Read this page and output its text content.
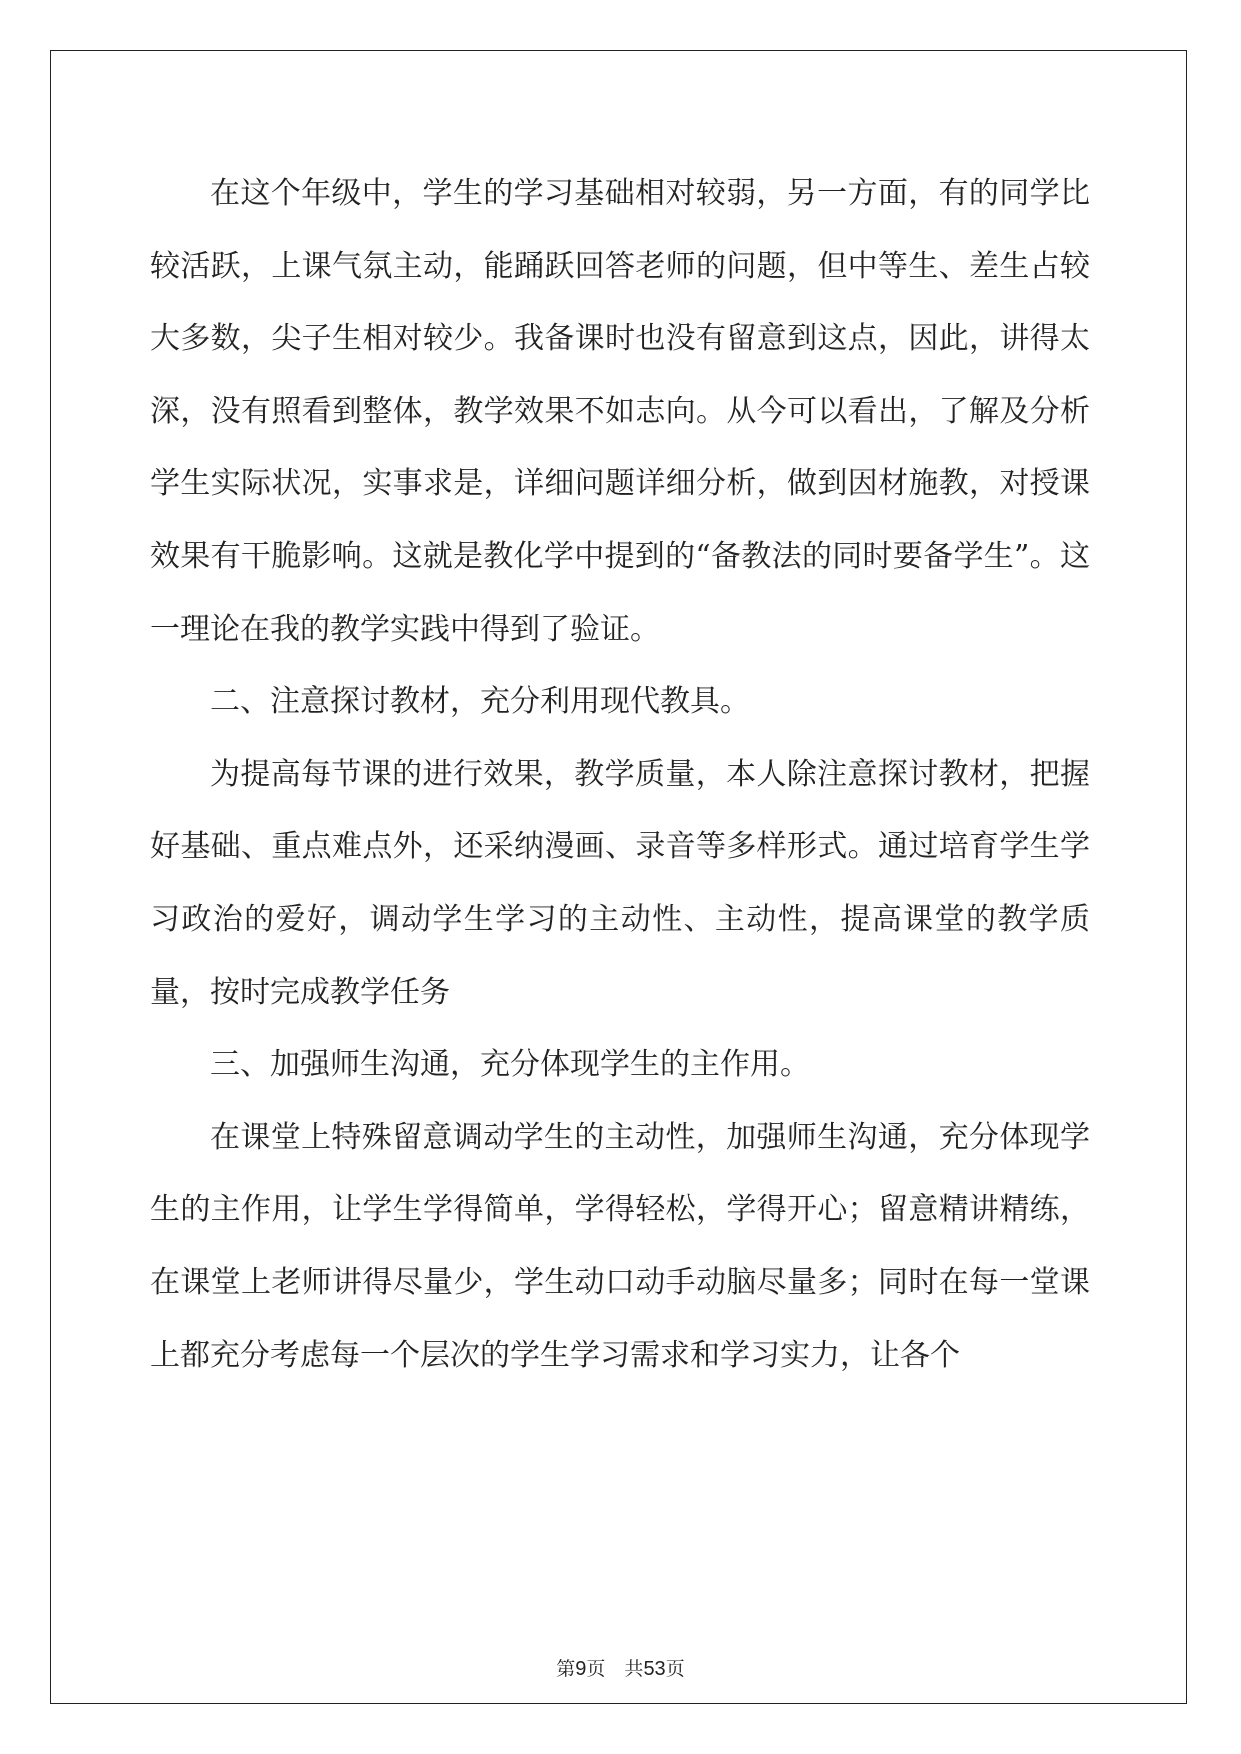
在这个年级中，学生的学习基础相对较弱，另一方面，有的同学比较活跃，上课气氛主动，能踊跃回答老师的问题，但中等生、差生占较大多数，尖子生相对较少。我备课时也没有留意到这点，因此，讲得太深，没有照看到整体，教学效果不如志向。从今可以看出，了解及分析学生实际状况，实事求是，详细问题详细分析，做到因材施教，对授课效果有干脆影响。这就是教化学中提到的“备教法的同时要备学生”。这一理论在我的教学实践中得到了验证。

二、注意探讨教材，充分利用现代教具。

为提高每节课的进行效果，教学质量，本人除注意探讨教材，把握好基础、重点难点外，还采纳漫画、录音等多样形式。通过培育学生学习政治的爱好，调动学生学习的主动性、主动性，提高课堂的教学质量，按时完成教学任务

三、加强师生沟通，充分体现学生的主作用。

在课堂上特殊留意调动学生的主动性，加强师生沟通，充分体现学生的主作用，让学生学得简单，学得轻松，学得开心；留意精讲精练，在课堂上老师讲得尽量少，学生动口动手动脑尽量多；同时在每一堂课上都充分考虑每一个层次的学生学习需求和学习实力，让各个

第9页　共53页
